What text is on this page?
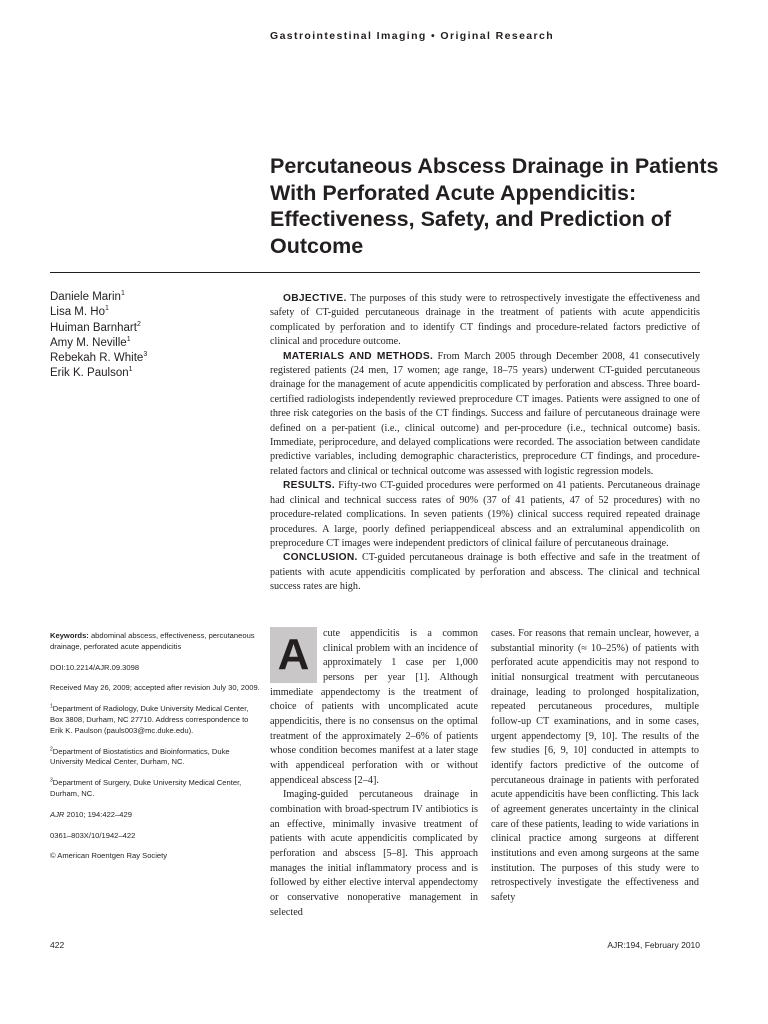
Gastrointestinal Imaging • Original Research
Percutaneous Abscess Drainage in Patients With Perforated Acute Appendicitis: Effectiveness, Safety, and Prediction of Outcome
Daniele Marin$^1$
Lisa M. Ho$^1$
Huiman Barnhart$^2$
Amy M. Neville$^1$
Rebekah R. White$^3$
Erik K. Paulson$^1$

OBJECTIVE. The purposes of this study were to retrospectively investigate the effectiveness and safety of CT-guided percutaneous drainage in the treatment of patients with acute appendicitis complicated by perforation and to identify CT findings and procedure-related factors predictive of clinical and procedure outcome.

MATERIALS AND METHODS. From March 2005 through December 2008, 41 consecutively registered patients (24 men, 17 women; age range, 18–75 years) underwent CT-guided percutaneous drainage for the management of acute appendicitis complicated by perforation and abscess. Three board-certified radiologists independently reviewed preprocedure CT images. Patients were assigned to one of three risk categories on the basis of the CT findings. Success and failure of percutaneous drainage were defined on a per-patient (i.e., clinical outcome) and per-procedure (i.e., technical outcome) basis. Immediate, periprocedure, and delayed complications were recorded. The association between candidate predictive variables, including demographic characteristics, preprocedure CT findings, and procedure-related factors and clinical or technical outcome was assessed with logistic regression models.

RESULTS. Fifty-two CT-guided procedures were performed on 41 patients. Percutaneous drainage had clinical and technical success rates of 90% (37 of 41 patients, 47 of 52 procedures) with no procedure-related complications. In seven patients (19%) clinical success required repeated drainage procedures. A large, poorly defined periappendiceal abscess and an extraluminal appendicolith on preprocedure CT images were independent predictors of clinical failure of percutaneous drainage.

CONCLUSION. CT-guided percutaneous drainage is both effective and safe in the treatment of patients with acute appendicitis complicated by perforation and abscess. The clinical and technical success rates are high.

Keywords: abdominal abscess, effectiveness, percutaneous drainage, perforated acute appendicitis

DOI:10.2214/AJR.09.3098

Received May 26, 2009; accepted after revision July 30, 2009.

$^1$Department of Radiology, Duke University Medical Center, Box 3808, Durham, NC 27710. Address correspondence to Erik K. Paulson (pauls003@mc.duke.edu).

$^2$Department of Biostatistics and Bioinformatics, Duke University Medical Center, Durham, NC.

$^3$Department of Surgery, Duke University Medical Center, Durham, NC.

AJR 2010; 194:422–429

0361–803X/10/1942–422

© American Roentgen Ray Society

A	cute appendicitis is a common clinical problem with an incidence of approximately 1 case per 1,000 persons per year [1]. Although immediate appendectomy is the treatment of choice of patients with uncomplicated acute appendicitis, there is no consensus on the optimal treatment of the approximately 2–6% of patients whose condition becomes manifest at a later stage with appendiceal perforation with or without appendiceal abscess [2–4].

Imaging-guided percutaneous drainage in combination with broad-spectrum IV antibiotics is an effective, minimally invasive treatment of patients with acute appendicitis complicated by perforation and abscess [5–8]. This approach manages the initial inflammatory process and is followed by either elective interval appendectomy or conservative nonoperative management in selected

cases. For reasons that remain unclear, however, a substantial minority (≈ 10–25%) of patients with perforated acute appendicitis may not respond to initial nonsurgical treatment with percutaneous drainage, leading to prolonged hospitalization, repeated percutaneous procedures, multiple follow-up CT examinations, and in some cases, urgent appendectomy [9, 10]. The results of the few studies [6, 9, 10] conducted in attempts to identify factors predictive of the outcome of percutaneous drainage in patients with perforated acute appendicitis have been conflicting. This lack of agreement generates uncertainty in the clinical care of these patients, leading to wide variations in clinical practice among surgeons at different institutions and even among surgeons at the same institution. The purposes of this study were to retrospectively investigate the effectiveness and safety

422	AJR:194, February 2010
